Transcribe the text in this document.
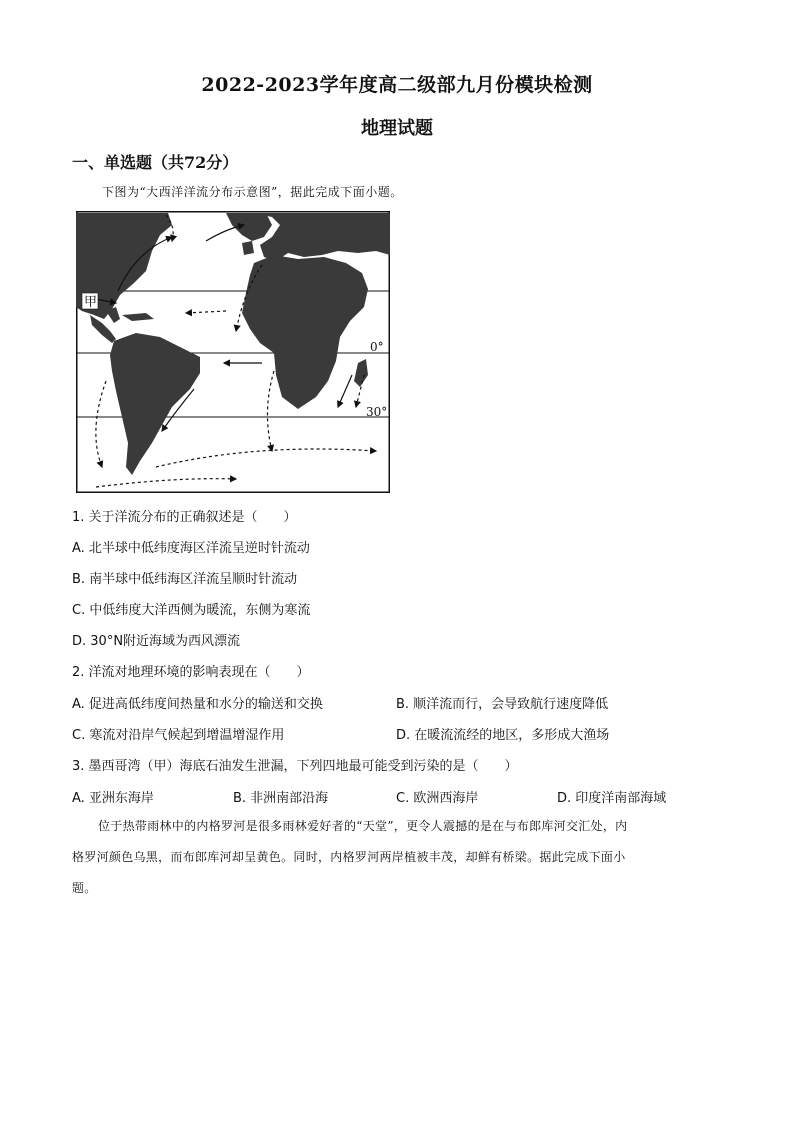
2022-2023学年度高二级部九月份模块检测
地理试题
一、单选题（共72分）
下图为“大西洋洋流分布示意图”，据此完成下面小题。
甲
0°
30°
1. 关于洋流分布的正确叙述是（　　）
A. 北半球中低纬度海区洋流呈逆时针流动
B. 南半球中低纬海区洋流呈顺时针流动
C. 中低纬度大洋西侧为暖流，东侧为寒流
D. 30°N附近海域为西风漂流
2. 洋流对地理环境的影响表现在（　　）
A. 促进高低纬度间热量和水分的输送和交换	B. 顺洋流而行，会导致航行速度降低
C. 寒流对沿岸气候起到增温增湿作用	D. 在暖流流经的地区，多形成大渔场
3. 墨西哥湾（甲）海底石油发生泄漏，下列四地最可能受到污染的是（　　）
A. 亚洲东海岸	B. 非洲南部沿海	C. 欧洲西海岸	D. 印度洋南部海域
位于热带雨林中的内格罗河是很多雨林爱好者的“天堂”，更令人震撼的是在与布郎库河交汇处，内
格罗河颜色乌黑，而布郎库河却呈黄色。同时，内格罗河两岸植被丰茂，却鲜有桥梁。据此完成下面小
题。
